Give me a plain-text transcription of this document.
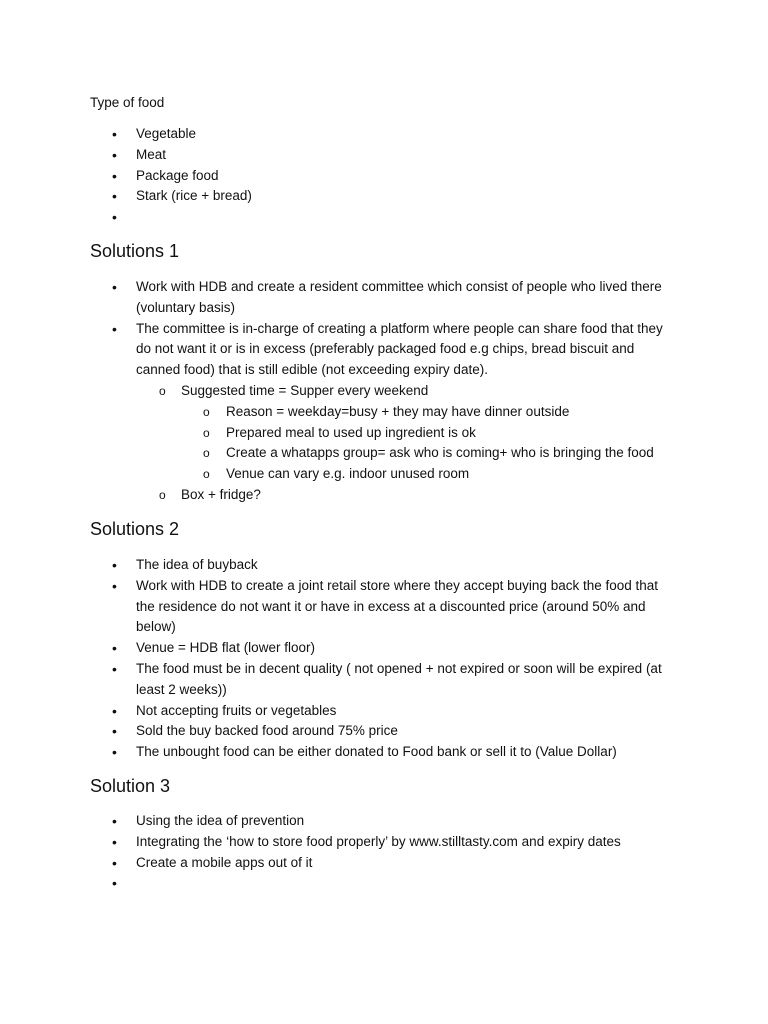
Type of food

• Vegetable
• Meat
• Package food
• Stark (rice + bread)
•
Solutions 1
• Work with HDB and create a resident committee which consist of people who lived there (voluntary basis)
• The committee is in-charge of creating a platform where people can share food that they do not want it or is in excess (preferably packaged food e.g chips, bread biscuit and canned food) that is still edible (not exceeding expiry date).
o Suggested time = Supper every weekend
o Reason = weekday=busy + they may have dinner outside
o Prepared meal to used up ingredient is ok
o Create a whatapps group= ask who is coming+ who is bringing the food
o Venue can vary e.g. indoor unused room
o Box + fridge?
Solutions 2
• The idea of buyback
• Work with HDB to create a joint retail store where they accept buying back the food that the residence do not want it or have in excess at a discounted price (around 50% and below)
• Venue = HDB flat (lower floor)
• The food must be in decent quality ( not opened + not expired or soon will be expired (at least 2 weeks))
• Not accepting fruits or vegetables
• Sold the buy backed food around 75% price
• The unbought food can be either donated to Food bank or sell it to (Value Dollar)
Solution 3
• Using the idea of prevention
• Integrating the ‘how to store food properly’ by www.stilltasty.com and expiry dates
• Create a mobile apps out of it
•
